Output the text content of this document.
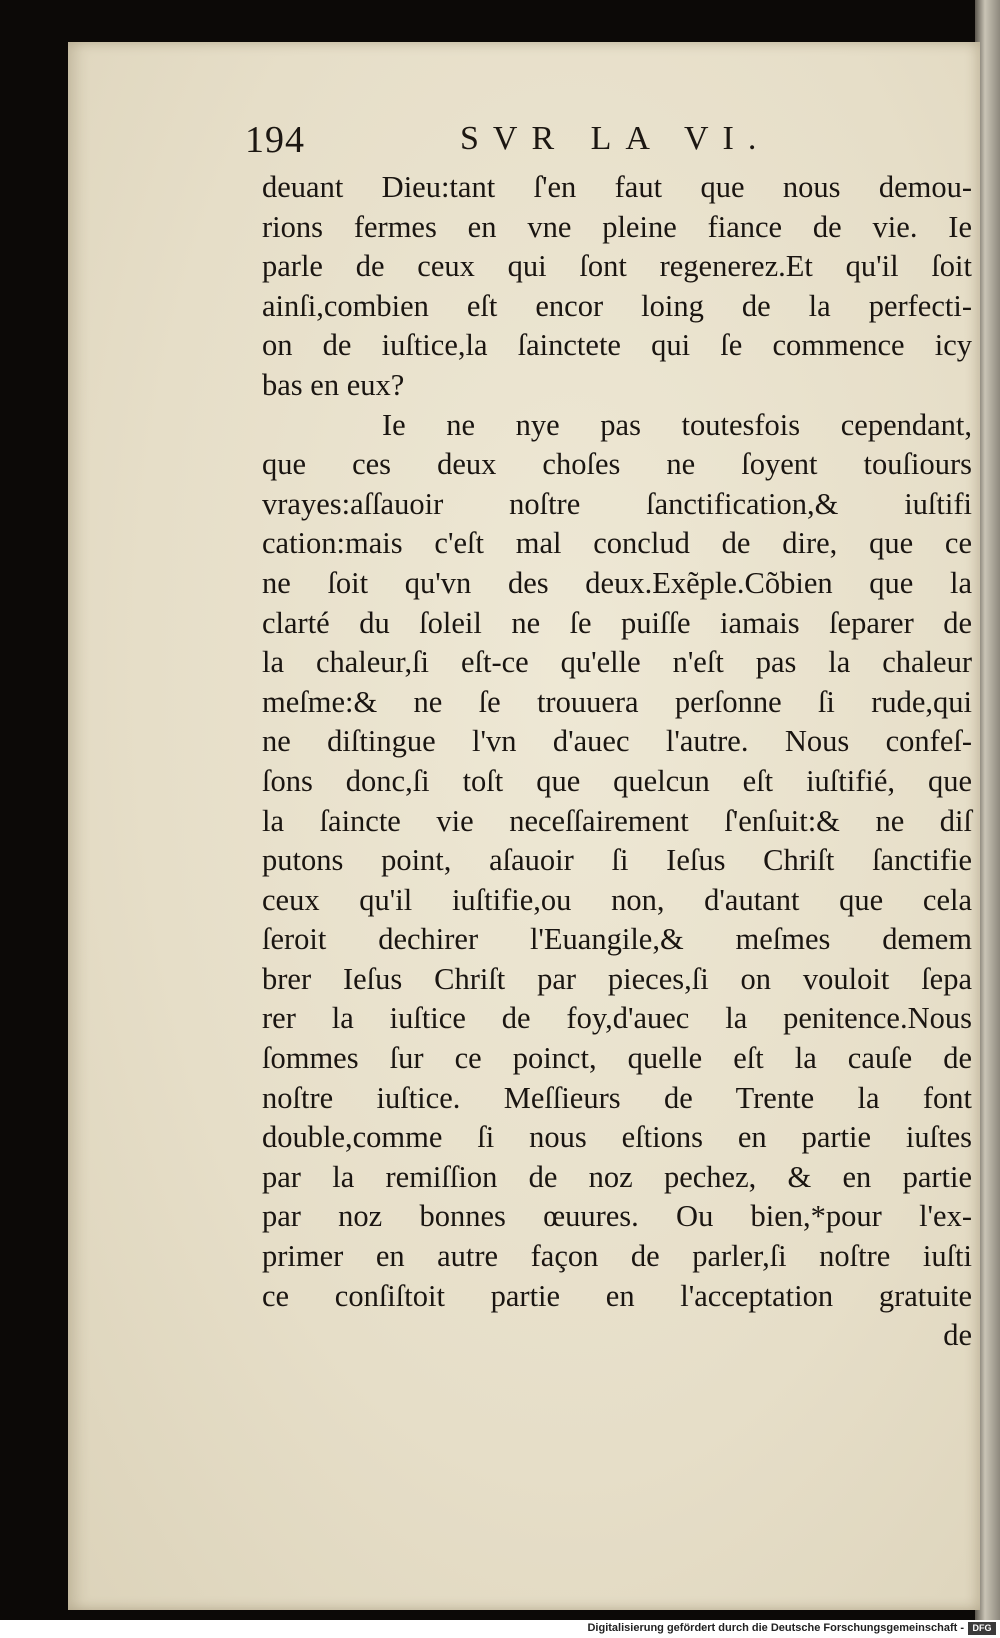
194	SVR LA VI.
deuant Dieu:tant ſ'en faut que nous demou-
rions fermes en vne pleine fiance de vie. Ie
parle de ceux qui ſont regenerez.Et qu'il ſoit
ainſi,combien eſt encor loing de la perfecti-
on de iuſtice,la ſainctete qui ſe commence icy
bas en eux?
Ie ne nye pas toutesfois cependant,
que ces deux choſes ne ſoyent touſiours
vrayes:aſſauoir noſtre ſanctification,& iuſtifi
cation:mais c'eſt mal conclud de dire, que ce
ne ſoit qu'vn des deux.Exẽple.Cõbien que la
clarté du ſoleil ne ſe puiſſe iamais ſeparer de
la chaleur,ſi eſt-ce qu'elle n'eſt pas la chaleur
meſme:& ne ſe trouuera perſonne ſi rude,qui
ne diſtingue l'vn d'auec l'autre. Nous confeſ-
ſons donc,ſi toſt que quelcun eſt iuſtifié, que
la ſaincte vie neceſſairement ſ'enſuit:& ne diſ
putons point, aſauoir ſi Ieſus Chriſt ſanctifie
ceux qu'il iuſtifie,ou non, d'autant que cela
ſeroit dechirer l'Euangile,& meſmes demem
brer Ieſus Chriſt par pieces,ſi on vouloit ſepa
rer la iuſtice de foy,d'auec la penitence.Nous
ſommes ſur ce poinct, quelle eſt la cauſe de
noſtre iuſtice. Meſſieurs de Trente la font
double,comme ſi nous eſtions en partie iuſtes
par la remiſſion de noz pechez, & en partie
par noz bonnes œuures. Ou bien,*pour l'ex-
primer en autre façon de parler,ſi noſtre iuſti
ce conſiſtoit partie en l'acceptation gratuite
de
Digitalisierung gefördert durch die Deutsche Forschungsgemeinschaft - DFG
